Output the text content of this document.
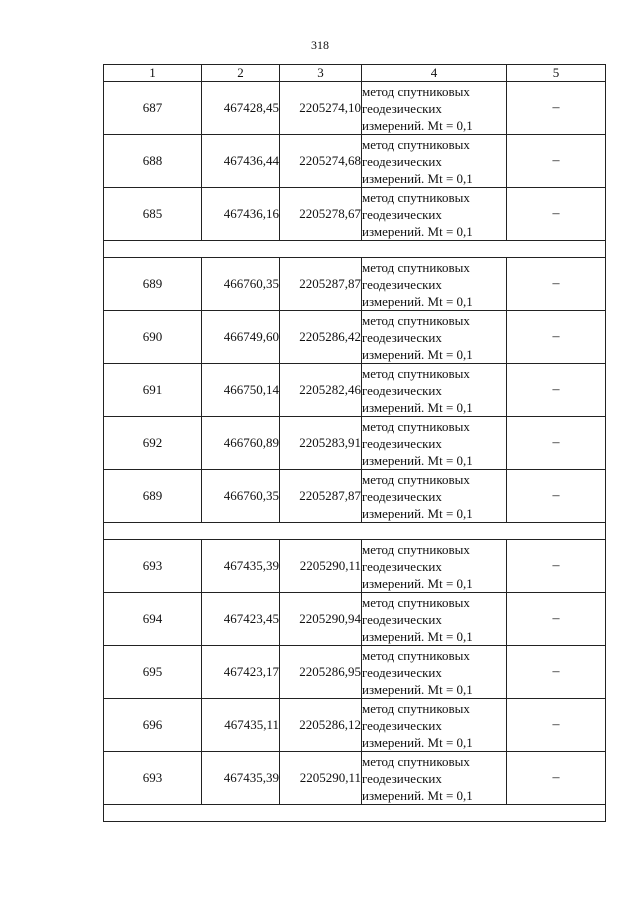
318
1	2	3	4	5
687	467428,45	2205274,10	метод спутниковых
геодезических
измерений. Mt = 0,1	–
688	467436,44	2205274,68	метод спутниковых
геодезических
измерений. Mt = 0,1	–
685	467436,16	2205278,67	метод спутниковых
геодезических
измерений. Mt = 0,1	–

689	466760,35	2205287,87	метод спутниковых
геодезических
измерений. Mt = 0,1	–
690	466749,60	2205286,42	метод спутниковых
геодезических
измерений. Mt = 0,1	–
691	466750,14	2205282,46	метод спутниковых
геодезических
измерений. Mt = 0,1	–
692	466760,89	2205283,91	метод спутниковых
геодезических
измерений. Mt = 0,1	–
689	466760,35	2205287,87	метод спутниковых
геодезических
измерений. Mt = 0,1	–

693	467435,39	2205290,11	метод спутниковых
геодезических
измерений. Mt = 0,1	–
694	467423,45	2205290,94	метод спутниковых
геодезических
измерений. Mt = 0,1	–
695	467423,17	2205286,95	метод спутниковых
геодезических
измерений. Mt = 0,1	–
696	467435,11	2205286,12	метод спутниковых
геодезических
измерений. Mt = 0,1	–
693	467435,39	2205290,11	метод спутниковых
геодезических
измерений. Mt = 0,1	–
